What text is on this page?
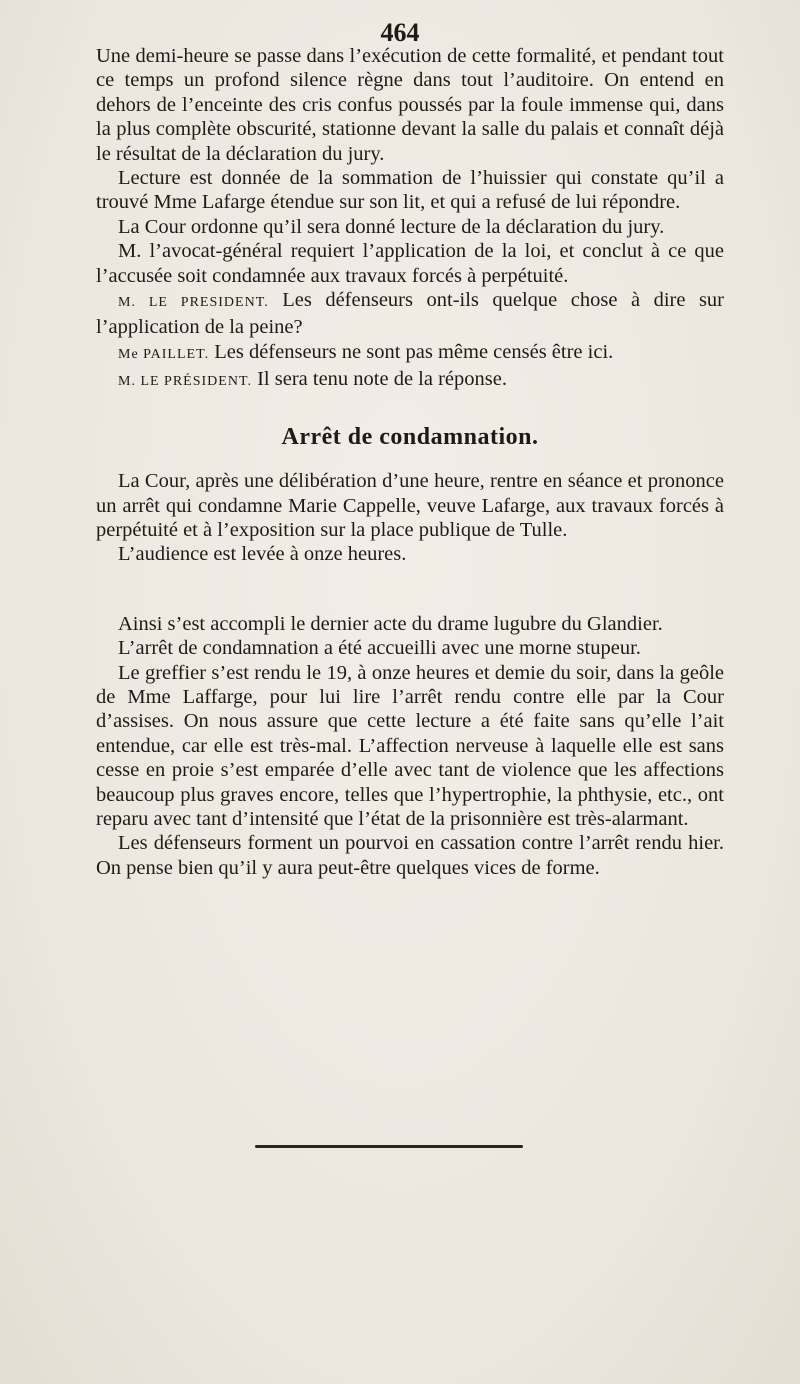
464

Une demi-heure se passe dans l’exécution de cette formalité, et pendant tout ce temps un profond silence règne dans tout l’auditoire. On entend en dehors de l’enceinte des cris confus poussés par la foule immense qui, dans la plus complète obscurité, stationne devant la salle du palais et connaît déjà le résultat de la déclaration du jury.

Lecture est donnée de la sommation de l’huissier qui constate qu’il a trouvé Mme Lafarge étendue sur son lit, et qui a refusé de lui répondre.

La Cour ordonne qu’il sera donné lecture de la déclaration du jury.

M. l’avocat-général requiert l’application de la loi, et conclut à ce que l’accusée soit condamnée aux travaux forcés à perpétuité.

M. LE PRESIDENT. Les défenseurs ont-ils quelque chose à dire sur l’application de la peine?

Me PAILLET. Les défenseurs ne sont pas même censés être ici.

M. LE PRÉSIDENT. Il sera tenu note de la réponse.

Arrêt de condamnation.

La Cour, après une délibération d’une heure, rentre en séance et prononce un arrêt qui condamne Marie Cappelle, veuve Lafarge, aux travaux forcés à perpétuité et à l’exposition sur la place publique de Tulle.

L’audience est levée à onze heures.

Ainsi s’est accompli le dernier acte du drame lugubre du Glandier.

L’arrêt de condamnation a été accueilli avec une morne stupeur.

Le greffier s’est rendu le 19, à onze heures et demie du soir, dans la geôle de Mme Laffarge, pour lui lire l’arrêt rendu contre elle par la Cour d’assises. On nous assure que cette lecture a été faite sans qu’elle l’ait entendue, car elle est très-mal. L’affection nerveuse à laquelle elle est sans cesse en proie s’est emparée d’elle avec tant de violence que les affections beaucoup plus graves encore, telles que l’hypertrophie, la phthysie, etc., ont reparu avec tant d’intensité que l’état de la prisonnière est très-alarmant.

Les défenseurs forment un pourvoi en cassation contre l’arrêt rendu hier. On pense bien qu’il y aura peut-être quelques vices de forme.
